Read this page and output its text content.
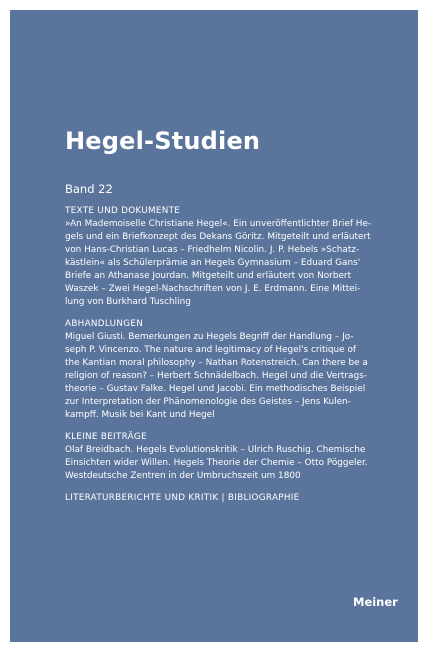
Hegel-Studien

Band 22

TEXTE UND DOKUMENTE
»An Mademoiselle Christiane Hegel«. Ein unveröffentlichter Brief He-
gels und ein Briefkonzept des Dekans Göritz. Mitgeteilt und erläutert
von Hans-Christian Lucas – Friedhelm Nicolin. J. P. Hebels »Schatz-
kästlein« als Schülerprämie an Hegels Gymnasium – Eduard Gans'
Briefe an Athanase Jourdan. Mitgeteilt und erläutert von Norbert
Waszek – Zwei Hegel-Nachschriften von J. E. Erdmann. Eine Mittei-
lung von Burkhard Tuschling
ABHANDLUNGEN
Miguel Giusti. Bemerkungen zu Hegels Begriff der Handlung – Jo-
seph P. Vincenzo. The nature and legitimacy of Hegel's critique of
the Kantian moral philosophy – Nathan Rotenstreich. Can there be a
religion of reason? – Herbert Schnädelbach. Hegel und die Vertrags-
theorie – Gustav Falke. Hegel und Jacobi. Ein methodisches Beispiel
zur Interpretation der Phänomenologie des Geistes – Jens Kulen-
kampff. Musik bei Kant und Hegel
KLEINE BEITRÄGE
Olaf Breidbach. Hegels Evolutionskritik – Ulrich Ruschig. Chemische
Einsichten wider Willen. Hegels Theorie der Chemie – Otto Pöggeler.
Westdeutsche Zentren in der Umbruchszeit um 1800
LITERATURBERICHTE UND KRITIK | BIBLIOGRAPHIE

Meiner
